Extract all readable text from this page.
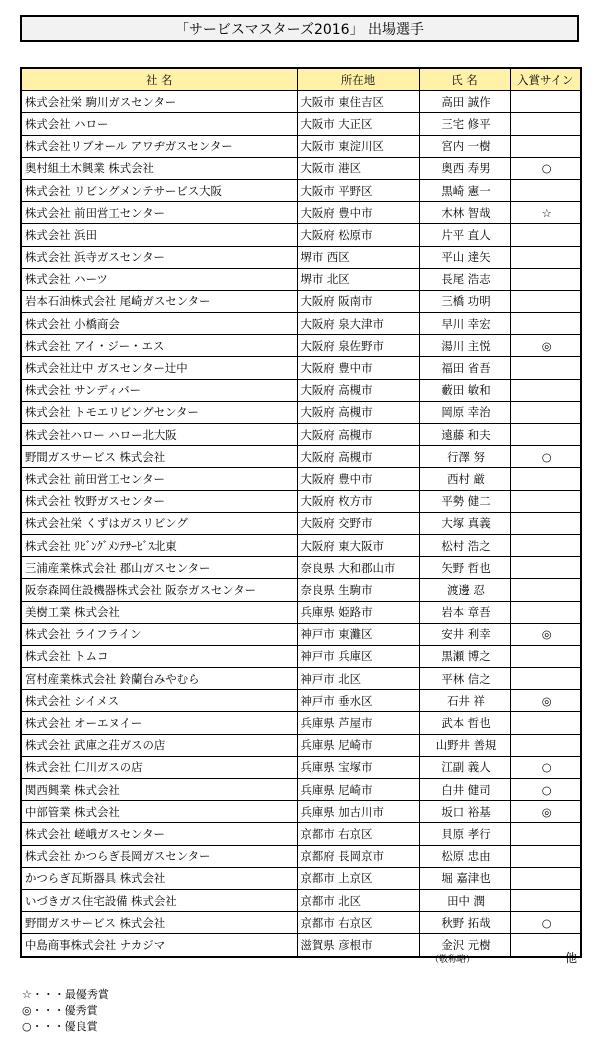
「サービスマスターズ2016」 出場選手
社 名	所在地	氏 名	入賞サイン
株式会社栄 駒川ガスセンター	大阪市 東住吉区	高田 誠作	
株式会社 ハロー	大阪市 大正区	三宅 修平	
株式会社リブオール アワヂガスセンター	大阪市 東淀川区	宮内 一樹	
奥村組土木興業 株式会社	大阪市 港区	奥西 寿男	○
株式会社 リビングメンテサービス大阪	大阪市 平野区	黒崎 憲一	
株式会社 前田営工センター	大阪府 豊中市	木林 智哉	☆
株式会社 浜田	大阪府 松原市	片平 直人	
株式会社 浜寺ガスセンター	堺市 西区	平山 達矢	
株式会社 ハーツ	堺市 北区	長尾 浩志	
岩本石油株式会社 尾崎ガスセンター	大阪府 阪南市	三橋 功明	
株式会社 小橋商会	大阪府 泉大津市	早川 幸宏	
株式会社 アイ・ジー・エス	大阪府 泉佐野市	湯川 主悦	◎
株式会社辻中 ガスセンター辻中	大阪府 豊中市	福田 省吾	
株式会社 サンディバー	大阪府 高槻市	藪田 敏和	
株式会社 トモエリビングセンター	大阪府 高槻市	岡原 幸治	
株式会社ハロー ハロー北大阪	大阪府 高槻市	遠藤 和夫	
野間ガスサービス 株式会社	大阪府 高槻市	行澤 努	○
株式会社 前田営工センター	大阪府 豊中市	西村 厳	
株式会社 牧野ガスセンター	大阪府 枚方市	平勢 健二	
株式会社栄 くずはガスリビング	大阪府 交野市	大塚 真義	
株式会社 ﾘﾋﾞﾝｸﾞﾒﾝﾃｻｰﾋﾞｽ北東	大阪府 東大阪市	松村 浩之	
三浦産業株式会社 郡山ガスセンター	奈良県 大和郡山市	矢野 哲也	
阪奈森岡住設機器株式会社 阪奈ガスセンター	奈良県 生駒市	渡邊 忍	
美樹工業 株式会社	兵庫県 姫路市	岩本 章吾	
株式会社 ライフライン	神戸市 東灘区	安井 利幸	◎
株式会社 トムコ	神戸市 兵庫区	黒瀬 博之	
宮村産業株式会社 鈴蘭台みやむら	神戸市 北区	平林 信之	
株式会社 シイメス	神戸市 垂水区	石井 祥	◎
株式会社 オーエヌイー	兵庫県 芦屋市	武本 哲也	
株式会社 武庫之荘ガスの店	兵庫県 尼崎市	山野井 善規	
株式会社 仁川ガスの店	兵庫県 宝塚市	江副 義人	○
関西興業 株式会社	兵庫県 尼崎市	白井 健司	○
中部管業 株式会社	兵庫県 加古川市	坂口 裕基	◎
株式会社 嵯峨ガスセンター	京都市 右京区	貝原 孝行	
株式会社 かつらぎ長岡ガスセンター	京都府 長岡京市	松原 忠由	
かつらぎ瓦斯器具 株式会社	京都市 上京区	堀 嘉津也	
いづきガス住宅設備 株式会社	京都市 北区	田中 潤	
野間ガスサービス 株式会社	京都市 右京区	秋野 拓哉	○
中島商事株式会社 ナカジマ	滋賀県 彦根市	金沢 元樹	
（敬称略）	他
☆・・・最優秀賞
◎・・・優秀賞
○・・・優良賞
